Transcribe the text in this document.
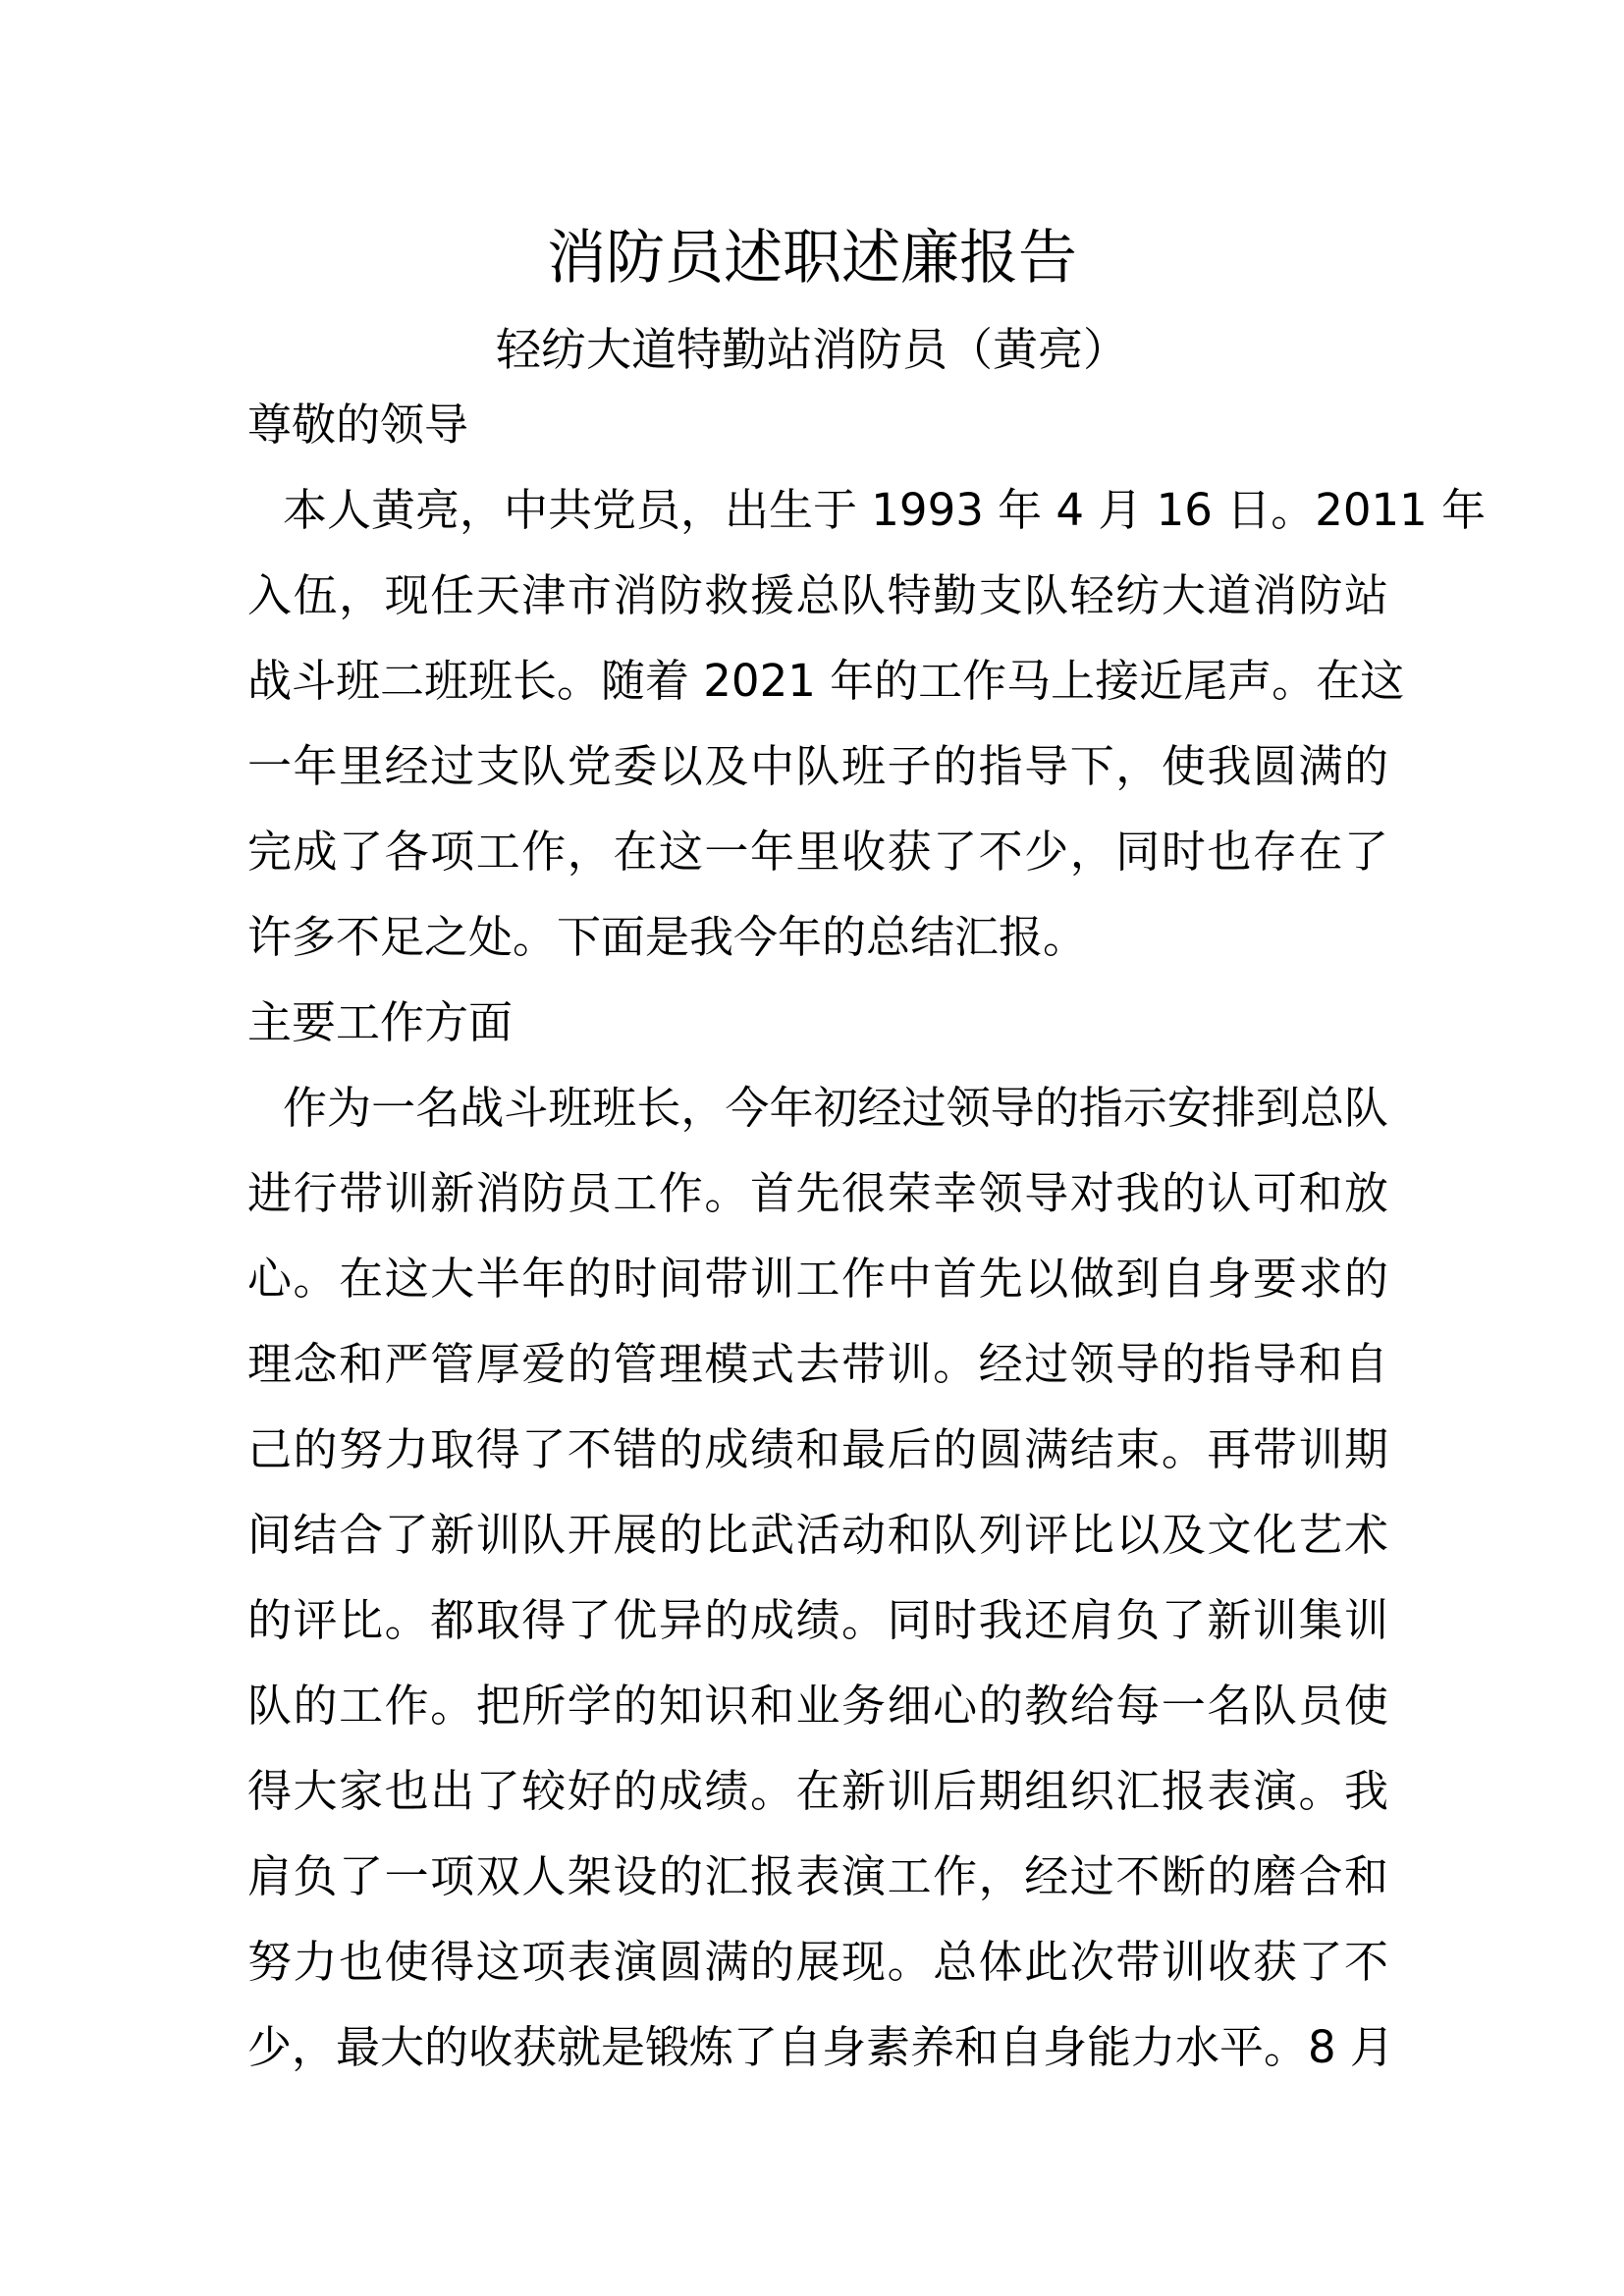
消防员述职述廉报告
轻纺大道特勤站消防员（黄亮）
尊敬的领导
本人黄亮，中共党员，出生于 1993 年 4 月 16 日。2011 年
入伍，现任天津市消防救援总队特勤支队轻纺大道消防站
战斗班二班班长。随着 2021 年的工作马上接近尾声。在这
一年里经过支队党委以及中队班子的指导下，使我圆满的
完成了各项工作，在这一年里收获了不少，同时也存在了
许多不足之处。下面是我今年的总结汇报。
主要工作方面
作为一名战斗班班长，今年初经过领导的指示安排到总队
进行带训新消防员工作。首先很荣幸领导对我的认可和放
心。在这大半年的时间带训工作中首先以做到自身要求的
理念和严管厚爱的管理模式去带训。经过领导的指导和自
己的努力取得了不错的成绩和最后的圆满结束。再带训期
间结合了新训队开展的比武活动和队列评比以及文化艺术
的评比。都取得了优异的成绩。同时我还肩负了新训集训
队的工作。把所学的知识和业务细心的教给每一名队员使
得大家也出了较好的成绩。在新训后期组织汇报表演。我
肩负了一项双人架设的汇报表演工作，经过不断的磨合和
努力也使得这项表演圆满的展现。总体此次带训收获了不
少，最大的收获就是锻炼了自身素养和自身能力水平。8 月
